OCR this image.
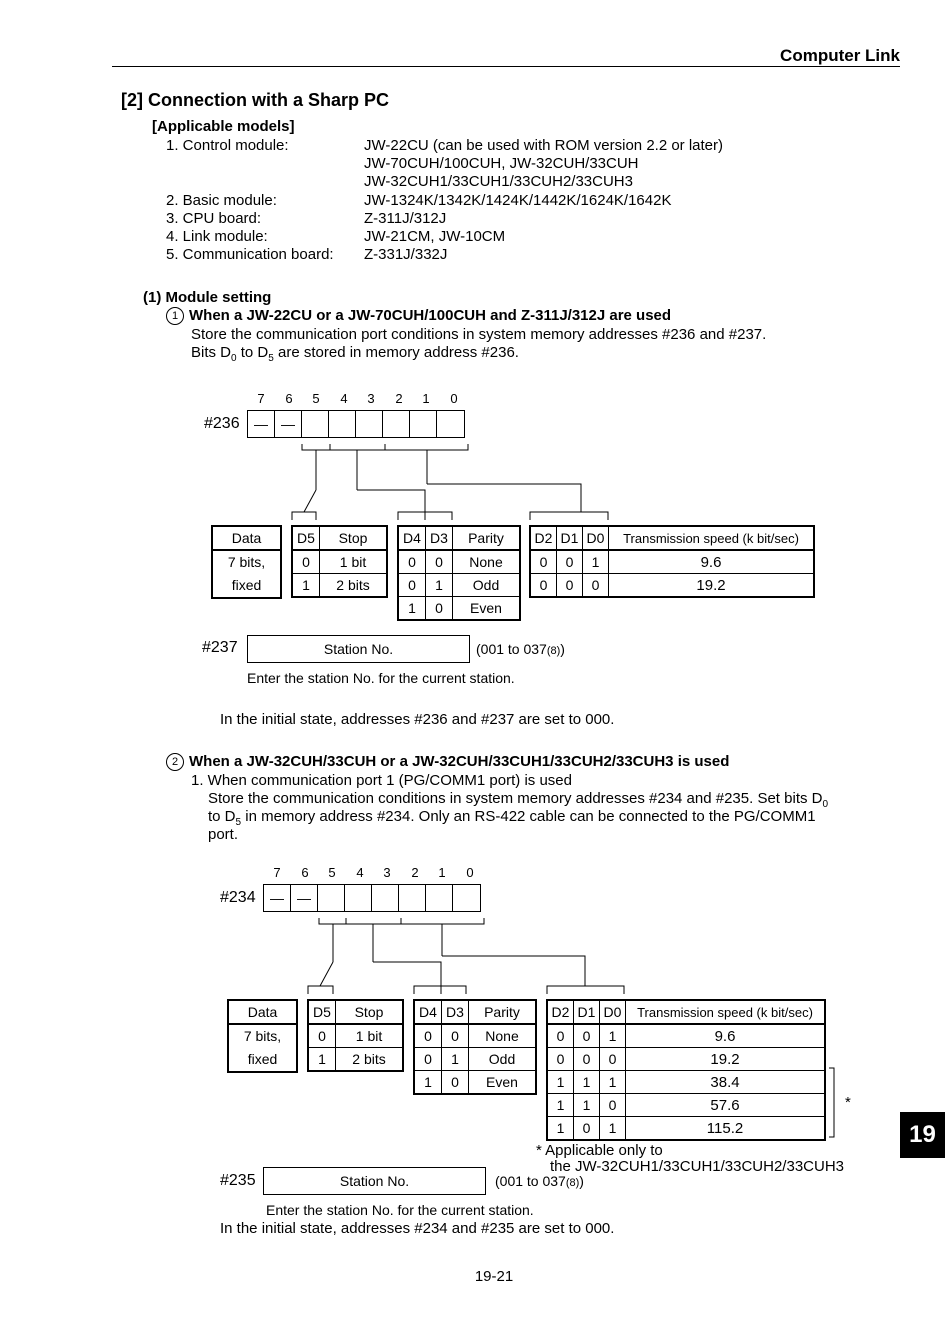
Computer Link
[2] Connection with a Sharp PC
[Applicable models]
1. Control module:	JW-22CU (can be used with ROM version 2.2 or later)
JW-70CUH/100CUH, JW-32CUH/33CUH
JW-32CUH1/33CUH1/33CUH2/33CUH3
2. Basic module:	JW-1324K/1342K/1424K/1442K/1624K/1642K
3. CPU board:	Z-311J/312J
4. Link module:	JW-21CM, JW-10CM
5. Communication board: Z-331J/332J
(1) Module setting
1 When a JW-22CU or a JW-70CUH/100CUH and Z-311J/312J are used
Store the communication port conditions in system memory addresses #236 and #237.
Bits $D_0$ to $D_5$ are stored in memory address #236.
7	6	5	4	3	2	1	0
#236	— —
Data
7 bits,
fixed
D5	Stop
0	1 bit
1	2 bits
D4	D3	Parity
0	0	None
0	1	Odd
1	0	Even
D2	D1	D0	Transmission speed (k bit/sec)
0	0	1	9.6
0	0	0	19.2
#237	Station No.	(001 to 037(8))
Enter the station No. for the current station.
In the initial state, addresses #236 and #237 are set to 000.
2 When a JW-32CUH/33CUH or a JW-32CUH/33CUH1/33CUH2/33CUH3 is used
1. When communication port 1 (PG/COMM1 port) is used
Store the communication conditions in system memory addresses #234 and #235. Set bits $D_0$
to $D_5$ in memory address #234. Only an RS-422 cable can be connected to the PG/COMM1
port.
7	6	5	4	3	2	1	0
#234	— —
Data
7 bits,
fixed
D5	Stop
0	1 bit
1	2 bits
D4	D3	Parity
0	0	None
0	1	Odd
1	0	Even
D2	D1	D0	Transmission speed (k bit/sec)
0	0	1	9.6
0	0	0	19.2
1	1	1	38.4
1	1	0	57.6
1	0	1	115.2
*
* Applicable only to
the JW-32CUH1/33CUH1/33CUH2/33CUH3
#235	Station No.	(001 to 037(8))
Enter the station No. for the current station.
In the initial state, addresses #234 and #235 are set to 000.
19
19-21
